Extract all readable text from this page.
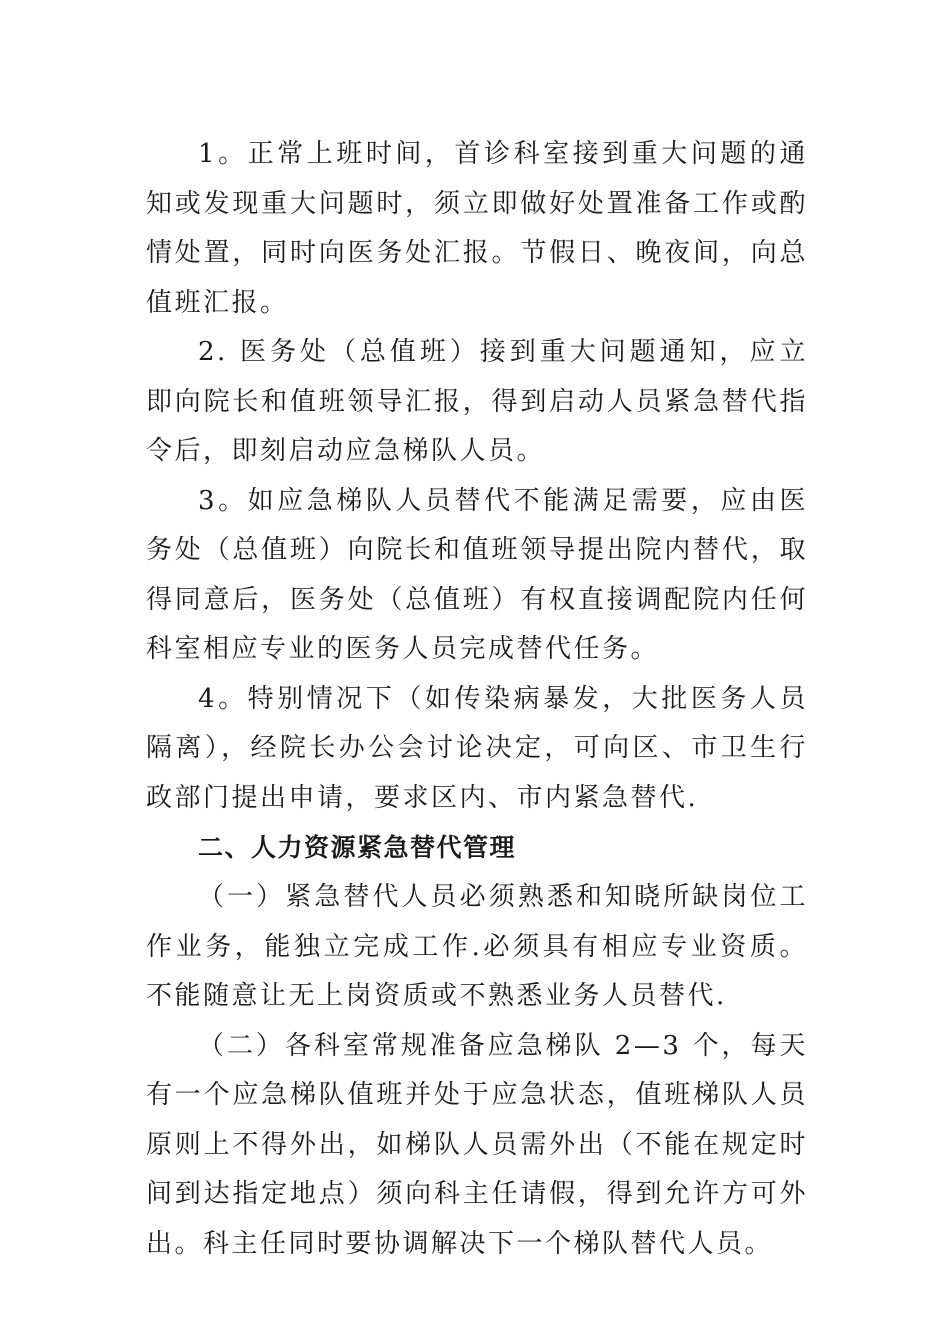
1。正常上班时间，首诊科室接到重大问题的通知或发现重大问题时，须立即做好处置准备工作或酌情处置，同时向医务处汇报。节假日、晚夜间，向总值班汇报。

2. 医务处（总值班）接到重大问题通知，应立即向院长和值班领导汇报，得到启动人员紧急替代指令后，即刻启动应急梯队人员。

3。如应急梯队人员替代不能满足需要，应由医务处（总值班）向院长和值班领导提出院内替代，取得同意后，医务处（总值班）有权直接调配院内任何科室相应专业的医务人员完成替代任务。

4。特别情况下（如传染病暴发，大批医务人员隔离），经院长办公会讨论决定，可向区、市卫生行政部门提出申请，要求区内、市内紧急替代.

二、人力资源紧急替代管理

（一）紧急替代人员必须熟悉和知晓所缺岗位工作业务，能独立完成工作.必须具有相应专业资质。不能随意让无上岗资质或不熟悉业务人员替代.

（二）各科室常规准备应急梯队 2—3 个，每天有一个应急梯队值班并处于应急状态，值班梯队人员原则上不得外出，如梯队人员需外出（不能在规定时间到达指定地点）须向科主任请假，得到允许方可外出。科主任同时要协调解决下一个梯队替代人员。
